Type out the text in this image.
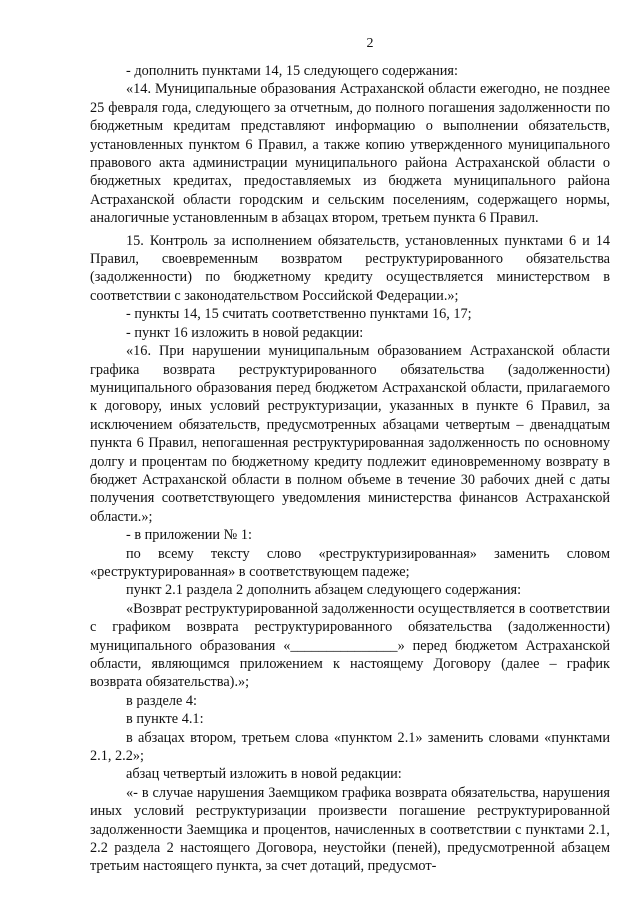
2

- дополнить пунктами 14, 15 следующего содержания:

«14. Муниципальные образования Астраханской области ежегодно, не позднее 25 февраля года, следующего за отчетным, до полного погашения задолженности по бюджетным кредитам представляют информацию о выполнении обязательств, установленных пунктом 6 Правил, а также копию утвержденного муниципального правового акта администрации муниципального района Астраханской области о бюджетных кредитах, предоставляемых из бюджета муниципального района Астраханской области городским и сельским поселениям, содержащего нормы, аналогичные установленным в абзацах втором, третьем пункта 6 Правил.

15. Контроль за исполнением обязательств, установленных пунктами 6 и 14 Правил, своевременным возвратом реструктурированного обязательства (задолженности) по бюджетному кредиту осуществляется министерством в соответствии с законодательством Российской Федерации.»;

- пункты 14, 15 считать соответственно пунктами 16, 17;

- пункт 16 изложить в новой редакции:

«16. При нарушении муниципальным образованием Астраханской области графика возврата реструктурированного обязательства (задолженности) муниципального образования перед бюджетом Астраханской области, прилагаемого к договору, иных условий реструктуризации, указанных в пункте 6 Правил, за исключением обязательств, предусмотренных абзацами четвертым – двенадцатым пункта 6 Правил, непогашенная реструктурированная задолженность по основному долгу и процентам по бюджетному кредиту подлежит единовременному возврату в бюджет Астраханской области в полном объеме в течение 30 рабочих дней с даты получения соответствующего уведомления министерства финансов Астраханской области.»;

- в приложении № 1:

по всему тексту слово «реструктуризированная» заменить словом «реструктурированная» в соответствующем падеже;

пункт 2.1 раздела 2 дополнить абзацем следующего содержания:

«Возврат реструктурированной задолженности осуществляется в соответствии с графиком возврата реструктурированного обязательства (задолженности) муниципального образования «_______________» перед бюджетом Астраханской области, являющимся приложением к настоящему Договору (далее – график возврата обязательства).»;

в разделе 4:

в пункте 4.1:

в абзацах втором, третьем слова «пунктом 2.1» заменить словами «пунктами 2.1, 2.2»;

абзац четвертый изложить в новой редакции:

«- в случае нарушения Заемщиком графика возврата обязательства, нарушения иных условий реструктуризации произвести погашение реструктурированной задолженности Заемщика и процентов, начисленных в соответствии с пунктами 2.1, 2.2 раздела 2 настоящего Договора, неустойки (пеней), предусмотренной абзацем третьим настоящего пункта, за счет дотаций, предусмот-
